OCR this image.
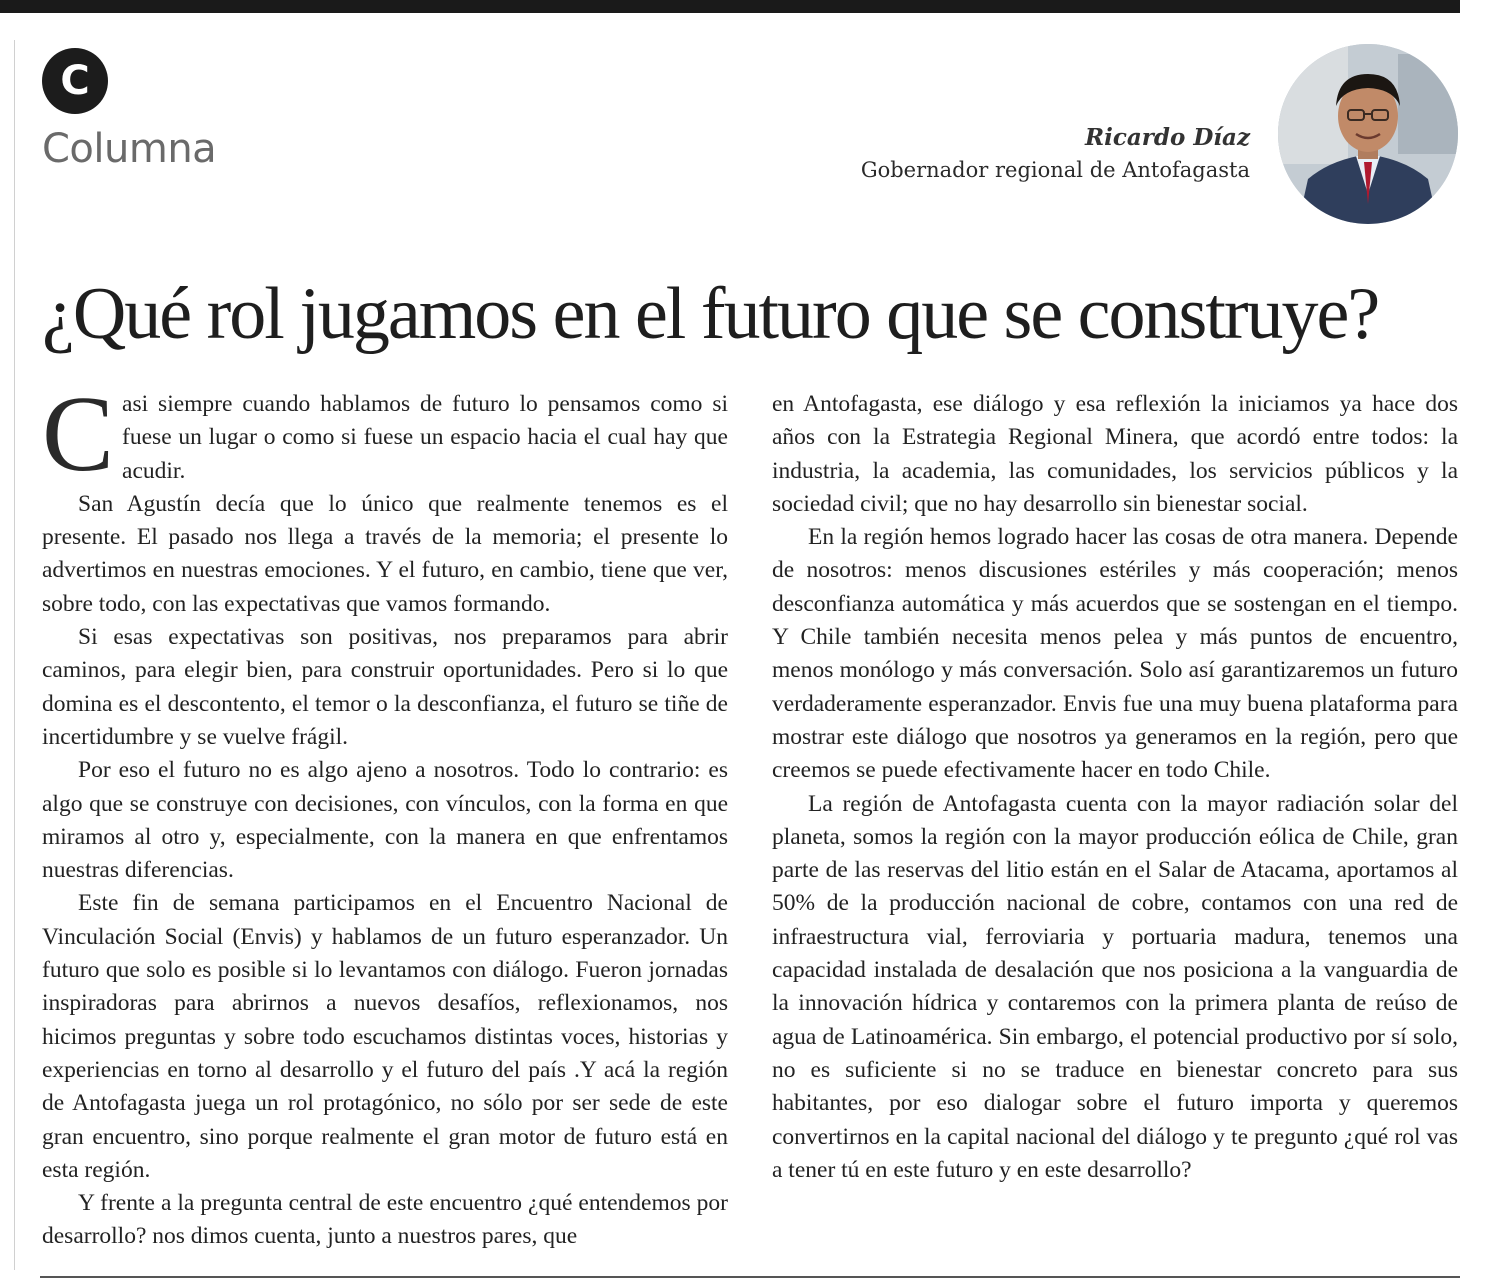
C
Columna	Ricardo Díaz
Gobernador regional de Antofagasta
¿Qué rol jugamos en el futuro que se construye?

Casi siempre cuando hablamos de futuro lo pensamos como si fuese un lugar o como si fuese un espacio hacia el cual hay que acudir.

San Agustín decía que lo único que realmente tenemos es el presente. El pasado nos llega a través de la memoria; el presente lo advertimos en nuestras emociones. Y el futuro, en cambio, tiene que ver, sobre todo, con las expectativas que vamos formando.

Si esas expectativas son positivas, nos preparamos para abrir caminos, para elegir bien, para construir oportunidades. Pero si lo que domina es el descontento, el temor o la desconfianza, el futuro se tiñe de incertidumbre y se vuelve frágil.

Por eso el futuro no es algo ajeno a nosotros. Todo lo contrario: es algo que se construye con decisiones, con vínculos, con la forma en que miramos al otro y, especialmente, con la manera en que enfrentamos nuestras diferencias.

Este fin de semana participamos en el Encuentro Nacional de Vinculación Social (Envis) y hablamos de un futuro esperanzador. Un futuro que solo es posible si lo levantamos con diálogo. Fueron jornadas inspiradoras para abrirnos a nuevos desafíos, reflexionamos, nos hicimos preguntas y sobre todo escuchamos distintas voces, historias y experiencias en torno al desarrollo y el futuro del país .Y acá la región de Antofagasta juega un rol protagónico, no sólo por ser sede de este gran encuentro, sino porque realmente el gran motor de futuro está en esta región.

Y frente a la pregunta central de este encuentro ¿qué entendemos por desarrollo? nos dimos cuenta, junto a nuestros pares, que

en Antofagasta, ese diálogo y esa reflexión la iniciamos ya hace dos años con la Estrategia Regional Minera, que acordó entre todos: la industria, la academia, las comunidades, los servicios públicos y la sociedad civil; que no hay desarrollo sin bienestar social.

En la región hemos logrado hacer las cosas de otra manera. Depende de nosotros: menos discusiones estériles y más cooperación; menos desconfianza automática y más acuerdos que se sostengan en el tiempo. Y Chile también necesita menos pelea y más puntos de encuentro, menos monólogo y más conversación. Solo así garantizaremos un futuro verdaderamente esperanzador. Envis fue una muy buena plataforma para mostrar este diálogo que nosotros ya generamos en la región, pero que creemos se puede efectivamente hacer en todo Chile.

La región de Antofagasta cuenta con la mayor radiación solar del planeta, somos la región con la mayor producción eólica de Chile, gran parte de las reservas del litio están en el Salar de Atacama, aportamos al 50% de la producción nacional de cobre, contamos con una red de infraestructura vial, ferroviaria y portuaria madura, tenemos una capacidad instalada de desalación que nos posiciona a la vanguardia de la innovación hídrica y contaremos con la primera planta de reúso de agua de Latinoamérica. Sin embargo, el potencial productivo por sí solo, no es suficiente si no se traduce en bienestar concreto para sus habitantes, por eso dialogar sobre el futuro importa y queremos convertirnos en la capital nacional del diálogo y te pregunto ¿qué rol vas a tener tú en este futuro y en este desarrollo?
